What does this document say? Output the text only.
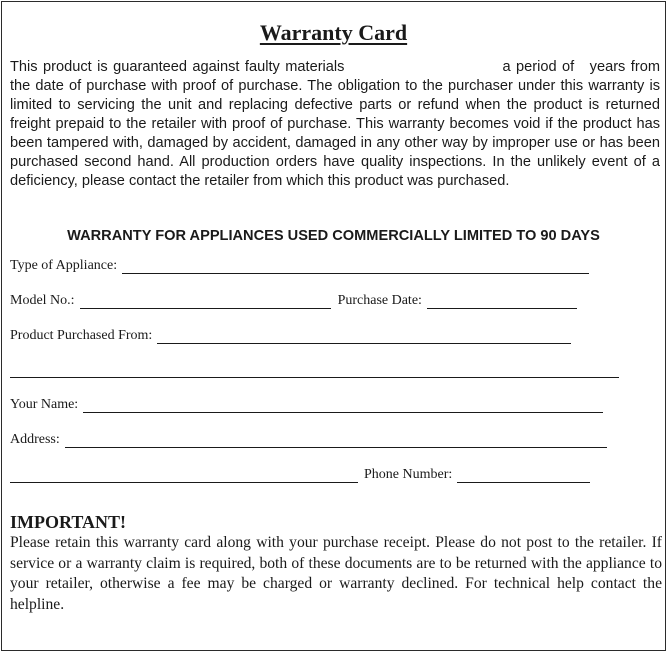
Warranty Card
This product is guaranteed against faulty materials	a period of years from the date of purchase with proof of purchase. The obligation to the purchaser under this warranty is limited to servicing the unit and replacing defective parts or refund when the product is returned freight prepaid to the retailer with proof of purchase. This warranty becomes void if the product has been tampered with, damaged by accident, damaged in any other way by improper use or has been purchased second hand. All production orders have quality inspections. In the unlikely event of a deficiency, please contact the retailer from which this product was purchased.
WARRANTY FOR APPLIANCES USED COMMERCIALLY LIMITED TO 90 DAYS
Type of Appliance:
Model No.:	Purchase Date:
Product Purchased From:
Your Name:
Address:
Phone Number:
IMPORTANT!
Please retain this warranty card along with your purchase receipt. Please do not post to the retailer. If service or a warranty claim is required, both of these documents are to be returned with the appliance to your retailer, otherwise a fee may be charged or warranty declined. For technical help contact the helpline.
